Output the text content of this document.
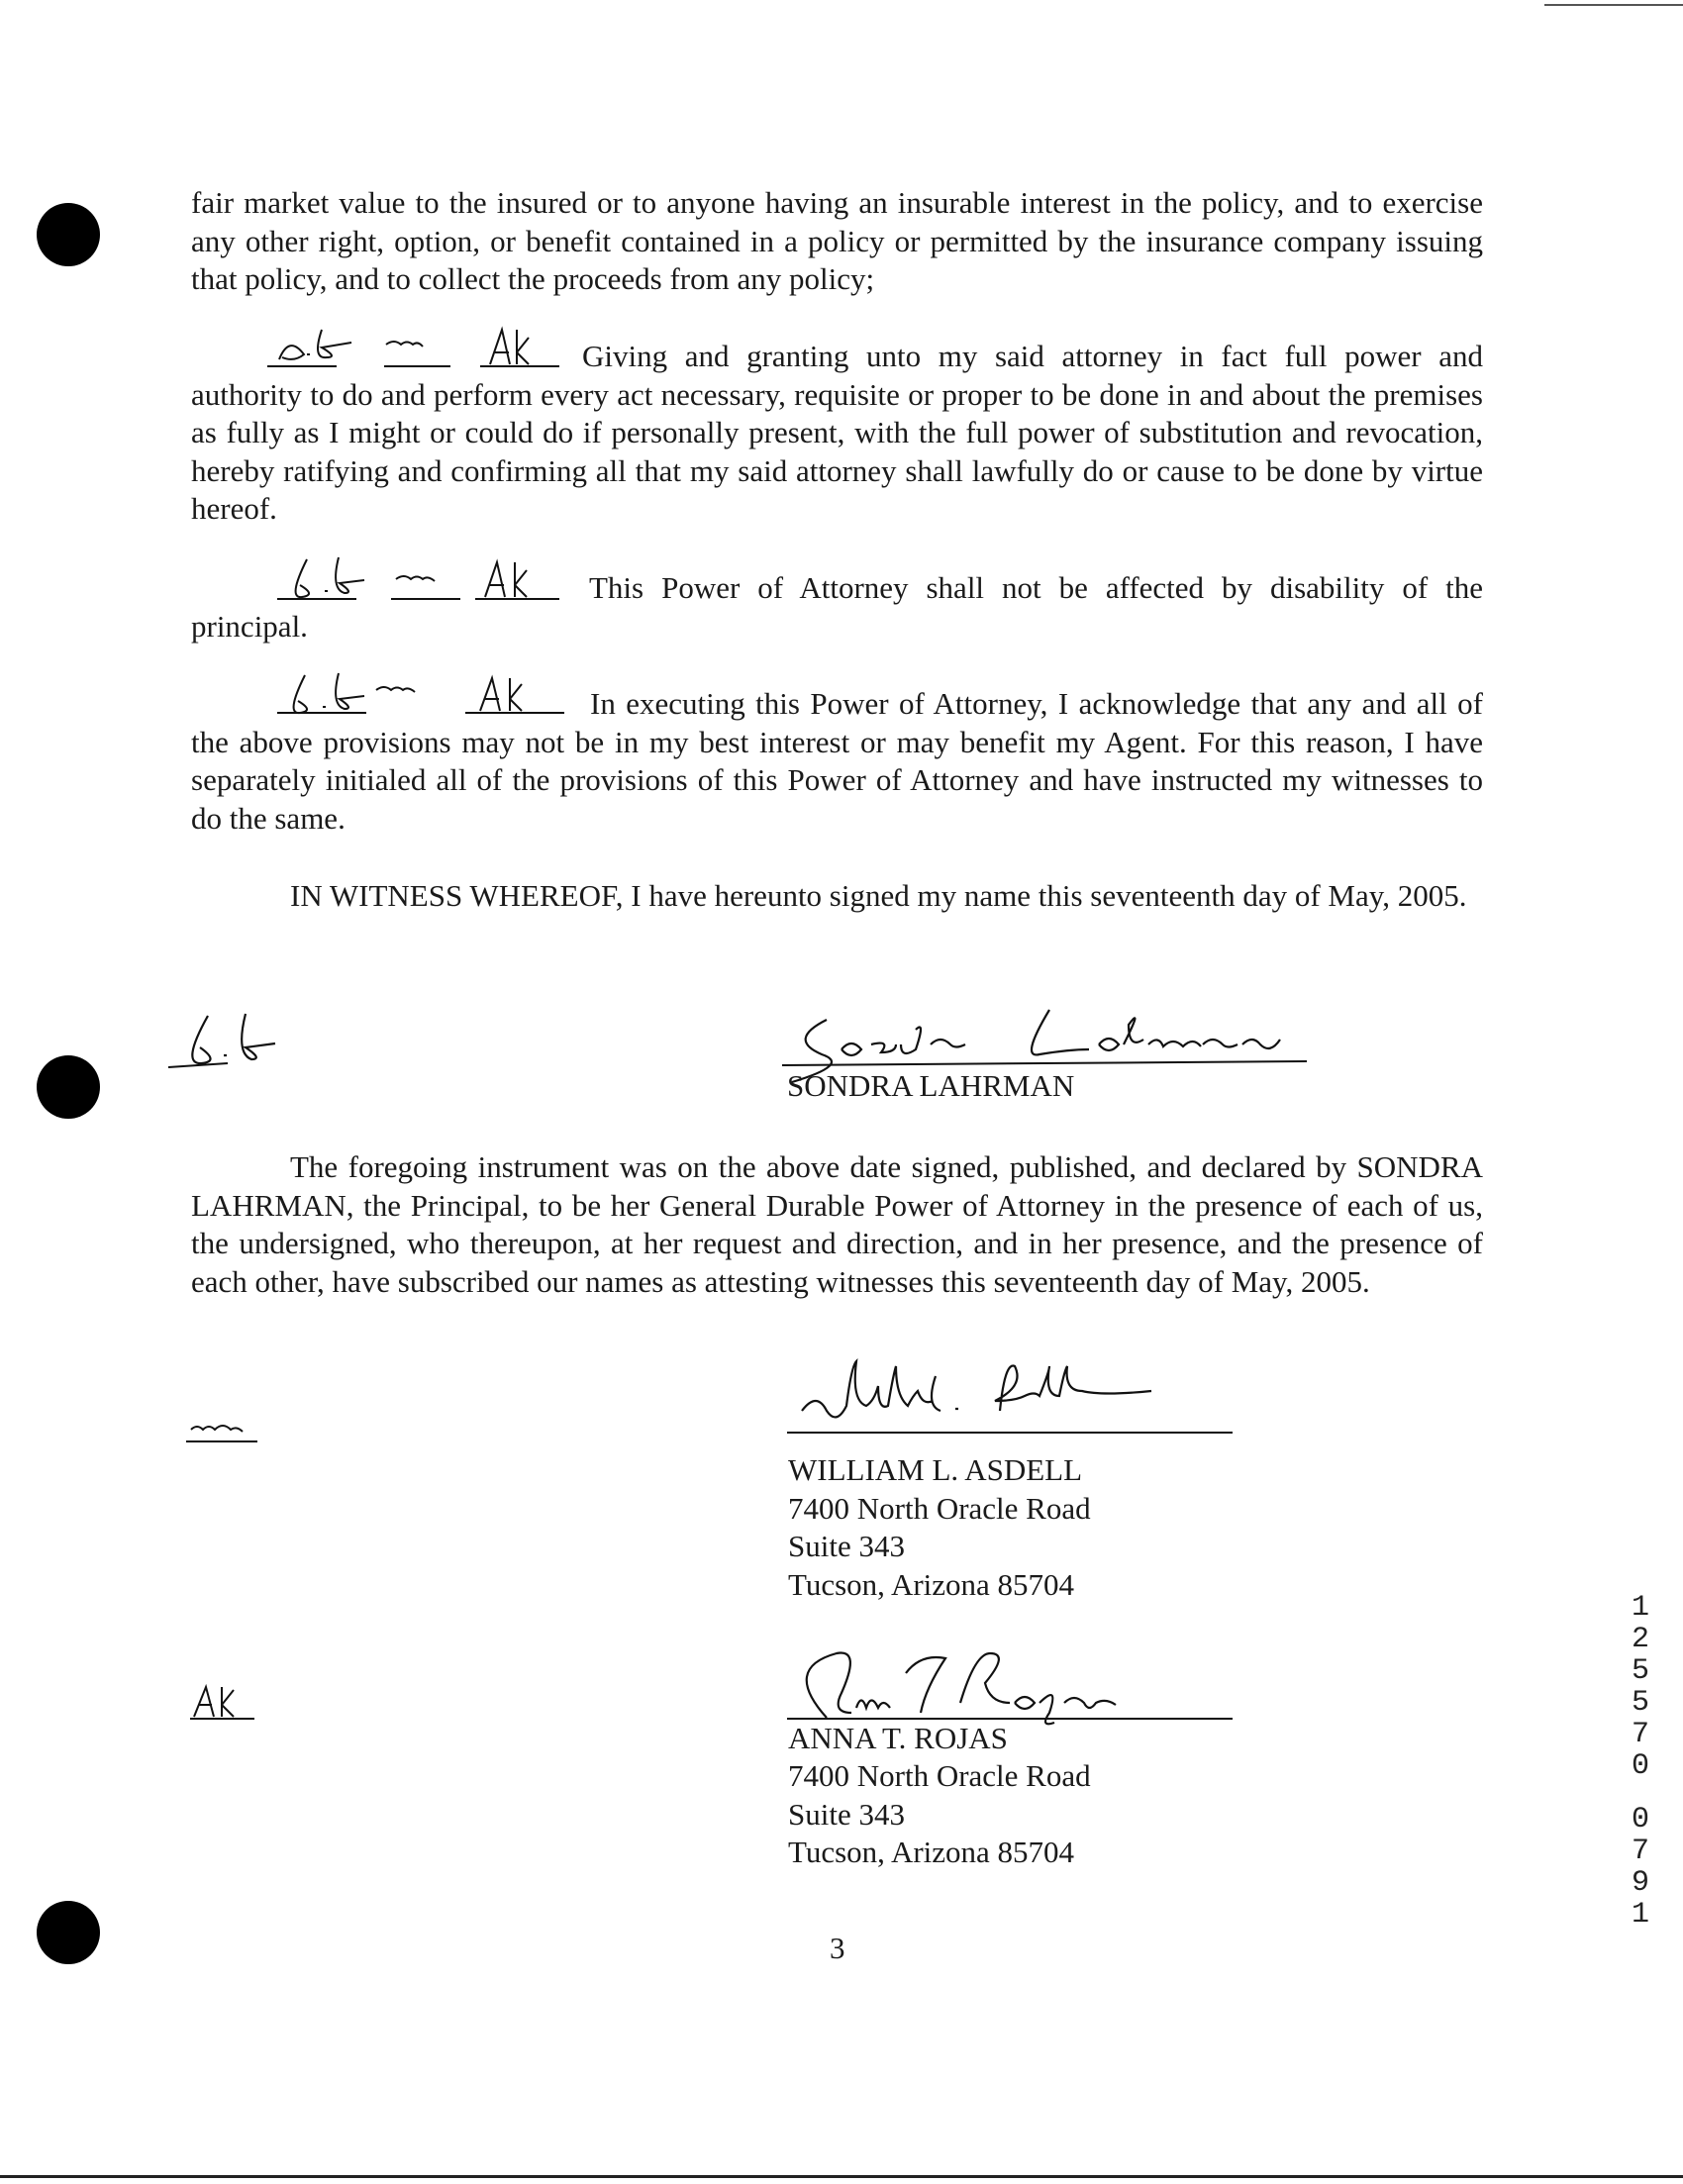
fair market value to the insured or to anyone having an insurable interest in the policy, and to exercise any other right, option, or benefit contained in a policy or permitted by the insurance company issuing that policy, and to collect the proceeds from any policy;
Giving and granting unto my said attorney in fact full power and authority to do and perform every act necessary, requisite or proper to be done in and about the premises as fully as I might or could do if personally present, with the full power of substitution and revocation, hereby ratifying and confirming all that my said attorney shall lawfully do or cause to be done by virtue hereof.
This Power of Attorney shall not be affected by disability of the principal.
In executing this Power of Attorney, I acknowledge that any and all of the above provisions may not be in my best interest or may benefit my Agent. For this reason, I have separately initialed all of the provisions of this Power of Attorney and have instructed my witnesses to do the same.
IN WITNESS WHEREOF, I have hereunto signed my name this seventeenth day of May, 2005.
SONDRA LAHRMAN
The foregoing instrument was on the above date signed, published, and declared by SONDRA LAHRMAN, the Principal, to be her General Durable Power of Attorney in the presence of each of us, the undersigned, who thereupon, at her request and direction, and in her presence, and the presence of each other, have subscribed our names as attesting witnesses this seventeenth day of May, 2005.
WILLIAM L. ASDELL
7400 North Oracle Road
Suite 343
Tucson, Arizona 85704
ANNA T. ROJAS
7400 North Oracle Road
Suite 343
Tucson, Arizona 85704
3
1
2
5
5
7
0

0
7
9
1
